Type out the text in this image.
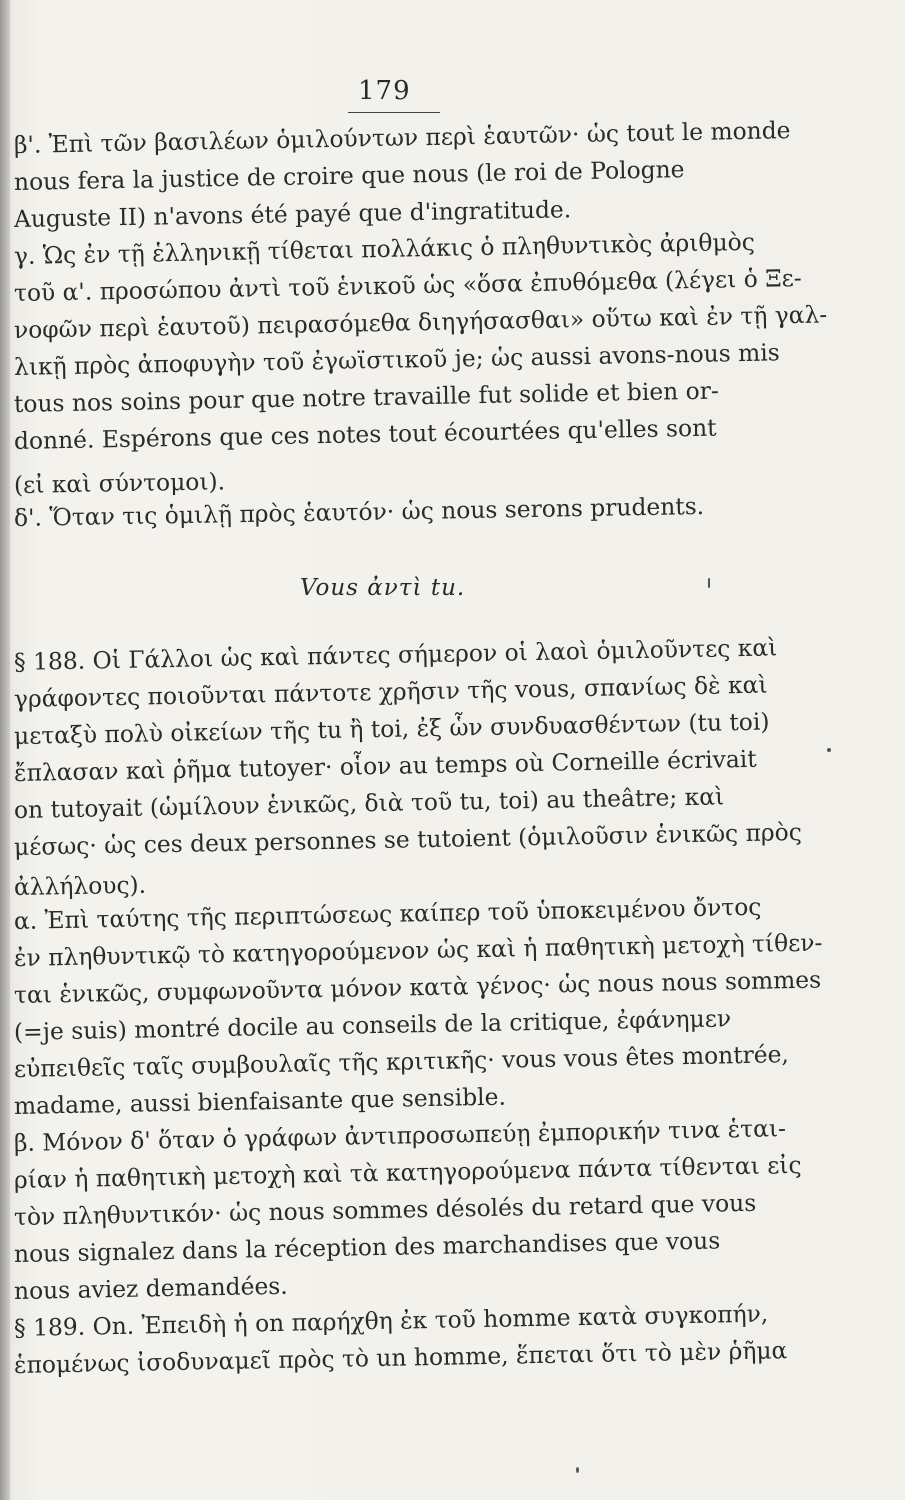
179
β'. Ἐπὶ τῶν βασιλέων ὁμιλούντων περὶ ἑαυτῶν· ὡς tout le monde
nous fera la justice de croire que nous (le roi de Pologne
Auguste II) n'avons été payé que d'ingratitude.
γ. Ὡς ἐν τῇ ἑλληνικῇ τίθεται πολλάκις ὁ πληθυντικὸς ἀριθμὸς
τοῦ α'. προσώπου ἀντὶ τοῦ ἑνικοῦ ὡς «ὅσα ἐπυθόμεθα (λέγει ὁ Ξε-
νοφῶν περὶ ἑαυτοῦ) πειρασόμεθα διηγήσασθαι» οὕτω καὶ ἐν τῇ γαλ-
λικῇ πρὸς ἀποφυγὴν τοῦ ἐγωϊστικοῦ je; ὡς aussi avons-nous mis
tous nos soins pour que notre travaille fut solide et bien or-
donné. Espérons que ces notes tout écourtées qu'elles sont
(εἰ καὶ σύντομοι).
δ'. Ὅταν τις ὁμιλῇ πρὸς ἑαυτόν· ὡς nous serons prudents.
Vous ἀντὶ tu.
§ 188. Οἱ Γάλλοι ὡς καὶ πάντες σήμερον οἱ λαοὶ ὁμιλοῦντες καὶ
γράφοντες ποιοῦνται πάντοτε χρῆσιν τῆς vous, σπανίως δὲ καὶ
μεταξὺ πολὺ οἰκείων τῆς tu ἢ toi, ἐξ ὧν συνδυασθέντων (tu toi)
ἔπλασαν καὶ ῥῆμα tutoyer· οἷον au temps où Corneille écrivait
on tutoyait (ὡμίλουν ἑνικῶς, διὰ τοῦ tu, toi) au theâtre; καὶ
μέσως· ὡς ces deux personnes se tutoient (ὁμιλοῦσιν ἑνικῶς πρὸς
ἀλλήλους).
α. Ἐπὶ ταύτης τῆς περιπτώσεως καίπερ τοῦ ὑποκειμένου ὄντος
ἐν πληθυντικῷ τὸ κατηγορούμενον ὡς καὶ ἡ παθητικὴ μετοχὴ τίθεν-
ται ἑνικῶς, συμφωνοῦντα μόνον κατὰ γένος· ὡς nous nous sommes
(=je suis) montré docile au conseils de la critique, ἐφάνημεν
εὐπειθεῖς ταῖς συμβουλαῖς τῆς κριτικῆς· vous vous êtes montrée,
madame, aussi bienfaisante que sensible.
β. Μόνον δ' ὅταν ὁ γράφων ἀντιπροσωπεύῃ ἐμπορικήν τινα ἑται-
ρίαν ἡ παθητικὴ μετοχὴ καὶ τὰ κατηγορούμενα πάντα τίθενται εἰς
τὸν πληθυντικόν· ὡς nous sommes désolés du retard que vous
nous signalez dans la réception des marchandises que vous
nous aviez demandées.
§ 189. On. Ἐπειδὴ ἡ on παρήχθη ἐκ τοῦ homme κατὰ συγκοπήν,
ἑπομένως ἰσοδυναμεῖ πρὸς τὸ un homme, ἕπεται ὅτι τὸ μὲν ῥῆμα
